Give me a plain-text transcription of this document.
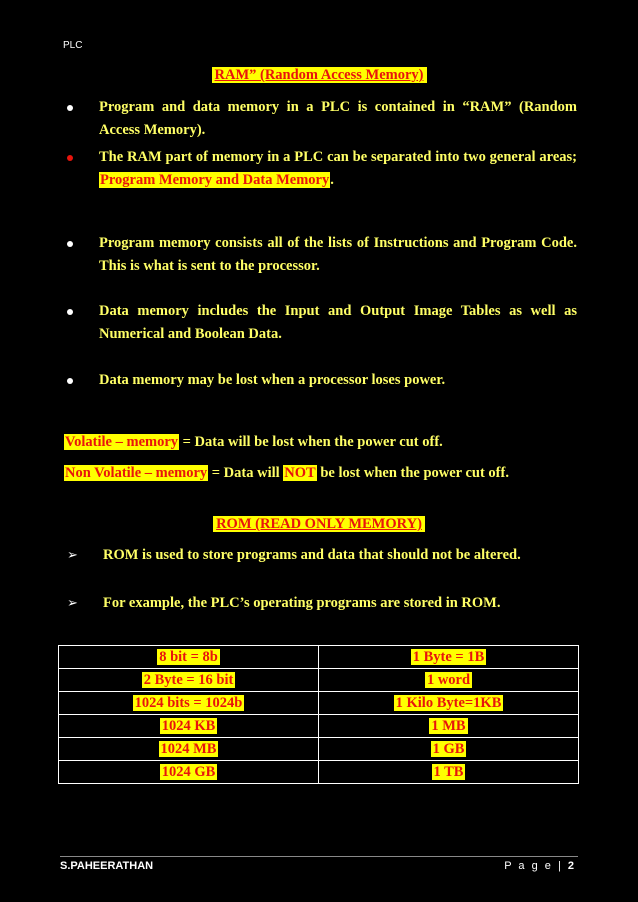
PLC
RAM” (Random Access Memory)
Program and data memory in a PLC is contained in “RAM” (Random Access Memory).
The RAM part of memory in a PLC can be separated into two general areas; Program Memory and Data Memory.
Program memory consists all of the lists of Instructions and Program Code. This is what is sent to the processor.
Data memory includes the Input and Output Image Tables as well as Numerical and Boolean Data.
Data memory may be lost when a processor loses power.
Volatile – memory = Data will be lost when the power cut off.
Non Volatile – memory = Data will NOT be lost when the power cut off.
ROM (READ ONLY MEMORY)
➢ ROM is used to store programs and data that should not be altered.
➢ For example, the PLC’s operating programs are stored in ROM.
8 bit = 8b	1 Byte = 1B
2 Byte = 16 bit	1 word
1024 bits = 1024b	1 Kilo Byte=1KB
1024 KB	1 MB
1024 MB	1 GB
1024 GB	1 TB
S.PAHEERATHAN	P a g e | 2
